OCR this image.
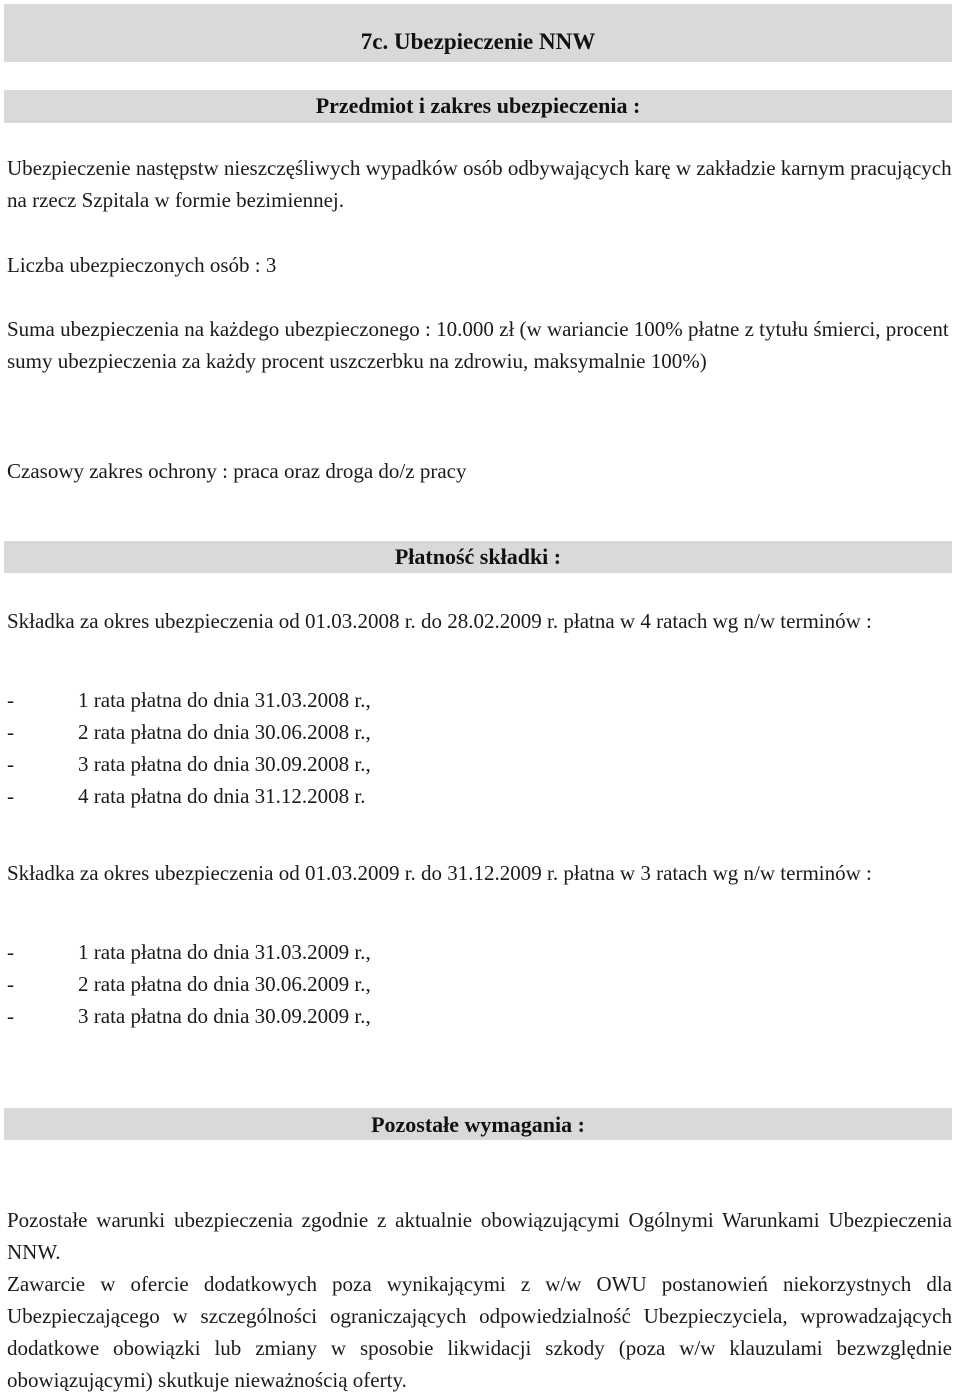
7c. Ubezpieczenie NNW
Przedmiot i zakres ubezpieczenia :

Ubezpieczenie następstw nieszczęśliwych wypadków osób odbywających karę w zakładzie karnym pracujących na rzecz Szpitala w formie bezimiennej.

Liczba ubezpieczonych osób : 3

Suma ubezpieczenia na każdego ubezpieczonego : 10.000 zł (w wariancie 100% płatne z tytułu śmierci, procent sumy ubezpieczenia za każdy procent uszczerbku na zdrowiu, maksymalnie 100%)

Czasowy zakres ochrony : praca oraz droga do/z pracy

Płatność składki :

Składka za okres ubezpieczenia od 01.03.2008 r. do 28.02.2009 r. płatna w 4 ratach wg n/w terminów :

-	1 rata płatna do dnia 31.03.2008 r.,
-	2 rata płatna do dnia 30.06.2008 r.,
-	3 rata płatna do dnia 30.09.2008 r.,
-	4 rata płatna do dnia 31.12.2008 r.

Składka za okres ubezpieczenia od 01.03.2009 r. do 31.12.2009 r. płatna w 3 ratach wg n/w terminów :

-	1 rata płatna do dnia 31.03.2009 r.,
-	2 rata płatna do dnia 30.06.2009 r.,
-	3 rata płatna do dnia 30.09.2009 r.,
Pozostałe wymagania :

Pozostałe warunki ubezpieczenia zgodnie z aktualnie obowiązującymi Ogólnymi Warunkami Ubezpieczenia NNW.

Zawarcie w ofercie dodatkowych poza wynikającymi z w/w OWU postanowień niekorzystnych dla Ubezpieczającego w szczególności ograniczających odpowiedzialność Ubezpieczyciela, wprowadzających dodatkowe obowiązki lub zmiany w sposobie likwidacji szkody (poza w/w klauzulami bezwzględnie obowiązującymi) skutkuje nieważnością oferty.
